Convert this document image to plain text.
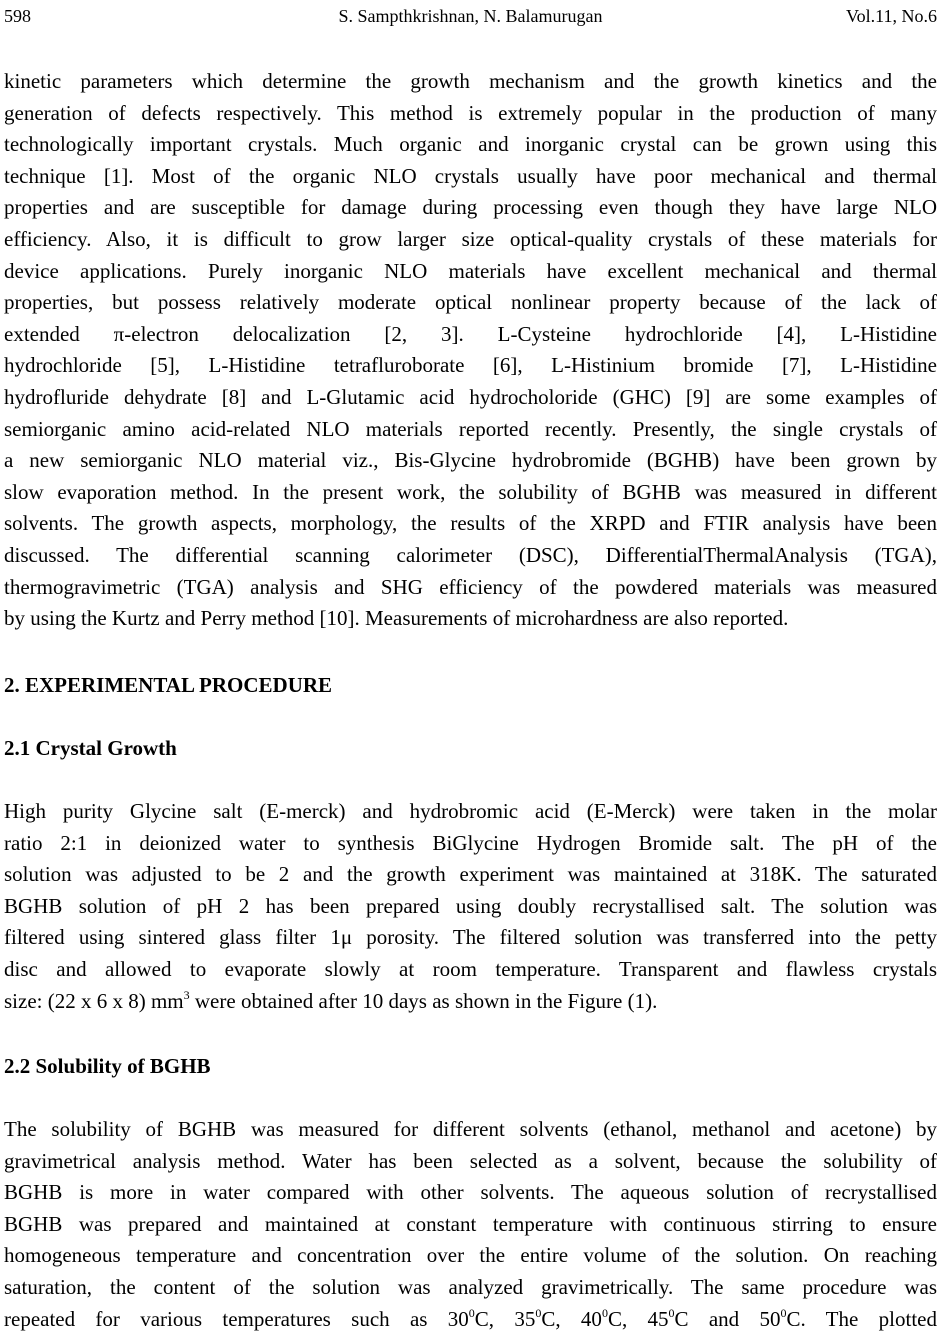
598	S. Sampthkrishnan, N. Balamurugan	Vol.11, No.6
kinetic parameters which determine the growth mechanism and the growth kinetics and the
generation of defects respectively. This method is extremely popular in the production of many
technologically important crystals. Much organic and inorganic crystal can be grown using this
technique [1]. Most of the organic NLO crystals usually have poor mechanical and thermal
properties and are susceptible for damage during processing even though they have large NLO
efficiency. Also, it is difficult to grow larger size optical-quality crystals of these materials for
device applications. Purely inorganic NLO materials have excellent mechanical and thermal
properties, but possess relatively moderate optical nonlinear property because of the lack of
extended π-electron delocalization [2, 3]. L-Cysteine hydrochloride [4], L-Histidine
hydrochloride [5], L-Histidine tetrafluroborate [6], L-Histinium bromide [7], L-Histidine
hydrofluride dehydrate [8] and L-Glutamic acid hydrocholoride (GHC) [9] are some examples of
semiorganic amino acid-related NLO materials reported recently. Presently, the single crystals of
a new semiorganic NLO material viz., Bis-Glycine hydrobromide (BGHB) have been grown by
slow evaporation method. In the present work, the solubility of BGHB was measured in different
solvents. The growth aspects, morphology, the results of the XRPD and FTIR analysis have been
discussed. The differential scanning calorimeter (DSC), DifferentialThermalAnalysis (TGA),
thermogravimetric (TGA) analysis and SHG efficiency of the powdered materials was measured
by using the Kurtz and Perry method [10]. Measurements of microhardness are also reported.
2. EXPERIMENTAL PROCEDURE
2.1 Crystal Growth
High purity Glycine salt (E-merck) and hydrobromic acid (E-Merck) were taken in the molar
ratio 2:1 in deionized water to synthesis BiGlycine Hydrogen Bromide salt. The pH of the
solution was adjusted to be 2 and the growth experiment was maintained at 318K. The saturated
BGHB solution of pH 2 has been prepared using doubly recrystallised salt. The solution was
filtered using sintered glass filter 1μ porosity. The filtered solution was transferred into the petty
disc and allowed to evaporate slowly at room temperature. Transparent and flawless crystals
size: (22 x 6 x 8) $mm^3$ were obtained after 10 days as shown in the Figure (1).
2.2 Solubility of BGHB
The solubility of BGHB was measured for different solvents (ethanol, methanol and acetone) by
gravimetrical analysis method. Water has been selected as a solvent, because the solubility of
BGHB is more in water compared with other solvents. The aqueous solution of recrystallised
BGHB was prepared and maintained at constant temperature with continuous stirring to ensure
homogeneous temperature and concentration over the entire volume of the solution. On reaching
saturation, the content of the solution was analyzed gravimetrically. The same procedure was
repeated for various temperatures such as $30^0C$, $35^0C$, $40^0C$, $45^0C$ and $50^0C$. The plotted
